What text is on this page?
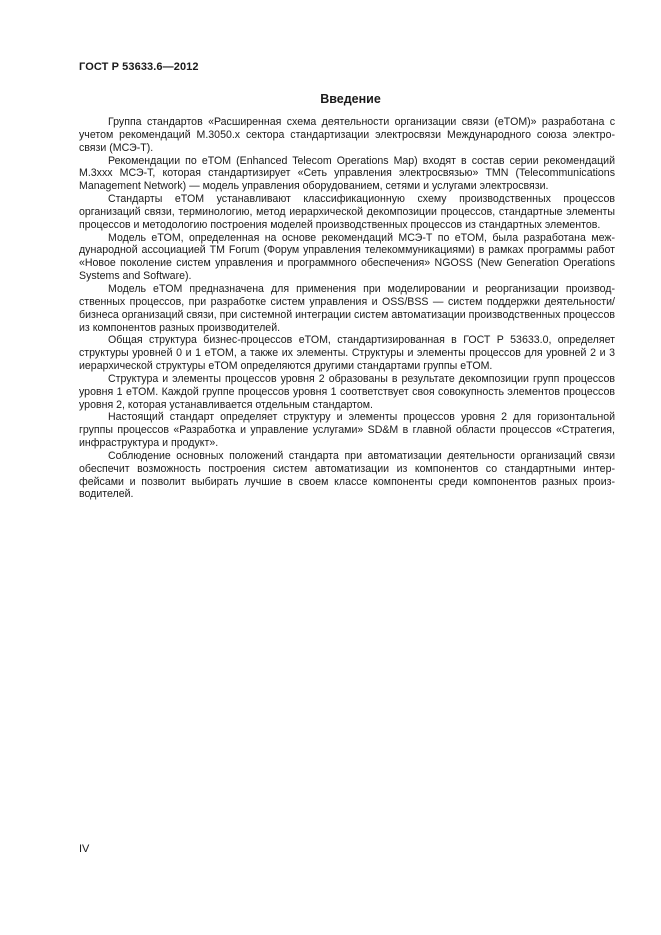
ГОСТ Р 53633.6—2012
Введение

Группа стандартов «Расширенная схема деятельности организации связи (eTOM)» разработана с учетом рекомендаций M.3050.x сектора стандартизации электросвязи Международного союза электросвязи (МСЭ-Т).

Рекомендации по eTOM (Enhanced Telecom Operations Map) входят в состав серии рекомендаций M.3xxx МСЭ-Т, которая стандартизирует «Сеть управления электросвязью» TMN (Telecommunications Management Network) — модель управления оборудованием, сетями и услугами электросвязи.

Стандарты eTOM устанавливают классификационную схему производственных процессов организаций связи, терминологию, метод иерархической декомпозиции процессов, стандартные элементы процессов и методологию построения моделей производственных процессов из стандартных элементов.

Модель eTOM, определенная на основе рекомендаций МСЭ-Т по eTOM, была разработана международной ассоциацией TM Forum (Форум управления телекоммуникациями) в рамках программы работ «Новое поколение систем управления и программного обеспечения» NGOSS (New Generation Operations Systems and Software).

Модель eTOM предназначена для применения при моделировании и реорганизации производственных процессов, при разработке систем управления и OSS/BSS — систем поддержки деятельности/бизнеса организаций связи, при системной интеграции систем автоматизации производственных процессов из компонентов разных производителей.

Общая структура бизнес-процессов eTOM, стандартизированная в ГОСТ Р 53633.0, определяет структуры уровней 0 и 1 eTOM, а также их элементы. Структуры и элементы процессов для уровней 2 и 3 иерархической структуры eTOM определяются другими стандартами группы eTOM.

Структура и элементы процессов уровня 2 образованы в результате декомпозиции групп процессов уровня 1 eTOM. Каждой группе процессов уровня 1 соответствует своя совокупность элементов процессов уровня 2, которая устанавливается отдельным стандартом.

Настоящий стандарт определяет структуру и элементы процессов уровня 2 для горизонтальной группы процессов «Разработка и управление услугами» SD&M в главной области процессов «Стратегия, инфраструктура и продукт».

Соблюдение основных положений стандарта при автоматизации деятельности организаций связи обеспечит возможность построения систем автоматизации из компонентов со стандартными интерфейсами и позволит выбирать лучшие в своем классе компоненты среди компонентов разных производителей.

IV
